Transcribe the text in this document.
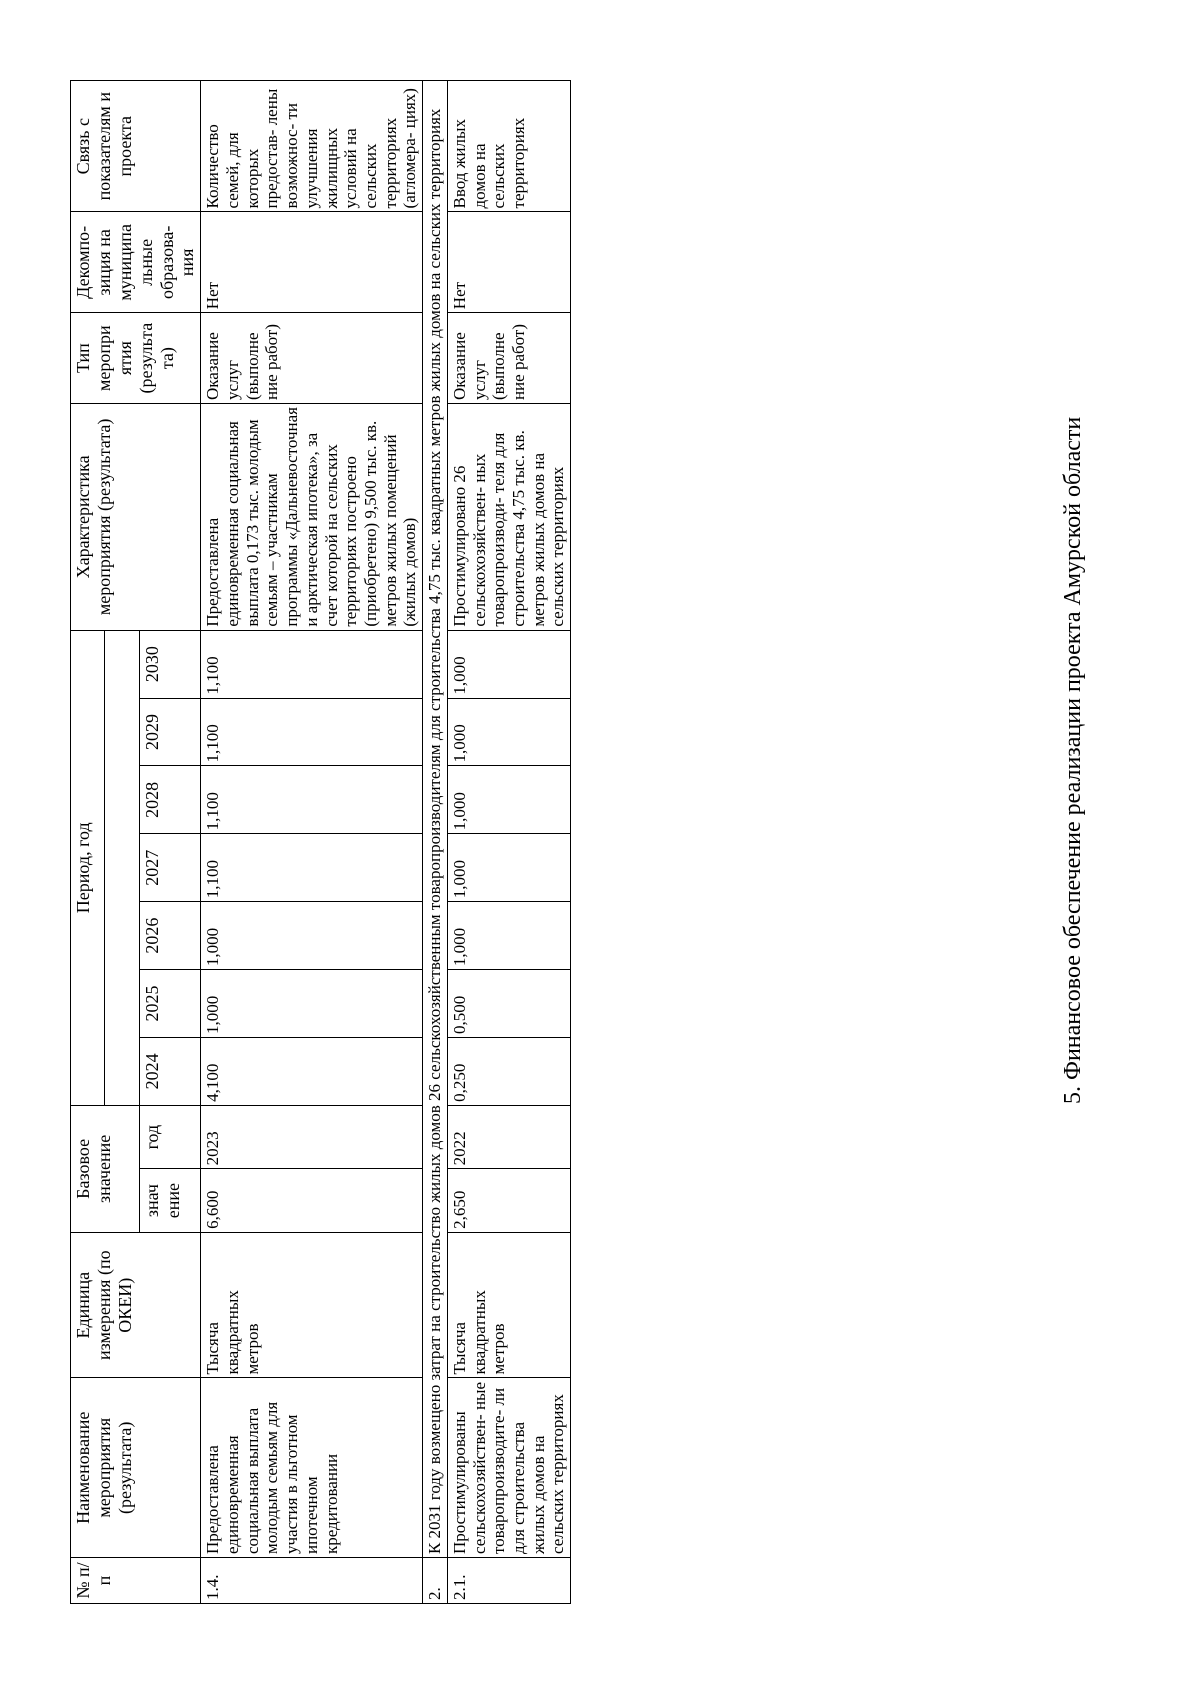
№ п/п	Наименование мероприятия (результата)	Единица измерения (по ОКЕИ)	Базовое значение		Период, год							Характеристика мероприятия (результата)	Тип меропри ятия (результа та)	Декомпо- зиция на муниципа льные образова- ния	Связь с показателям и проекта

			знач ение	год	2024	2025	2026	2027	2028	2029	2030				
1.4.	Предоставлена единовременная социальная выплата молодым семьям для участия в льготном ипотечном кредитовании	Тысяча квадратных метров	6,600	2023	4,100	1,000	1,000	1,100	1,100	1,100	1,100	Предоставлена единовременная социальная выплата 0,173 тыс. молодым семьям – участникам программы «Дальневосточная и арктическая ипотека», за счет которой на сельских территориях построено (приобретено) 9,500 тыс. кв. метров жилых помещений (жилых домов)	Оказание услуг (выполне ние работ)	Нет	Количество семей, для которых предостав- лены возможнос- ти улучшения жилищных условий на сельских территориях (агломера- циях)
2.	К 2031 году возмещено затрат на строительство жилых домов 26 сельскохозяйственным товаропроизводителям для строительства 4,75 тыс. квадратных метров жилых домов на сельских территориях														
2.1.	Простимулированы сельскохозяйствен- ные товаропроизводите- ли для строительства жилых домов на сельских территориях	Тысяча квадратных метров	2,650	2022	0,250	0,500	1,000	1,000	1,000	1,000	1,000	Простимулировано 26 сельскохозяйствен- ных товаропроизводи- теля для строительства 4,75 тыс. кв. метров жилых домов на сельских территориях	Оказание услуг (выполне ние работ)	Нет	Ввод жилых домов на сельских территориях
5. Финансовое обеспечение реализации проекта Амурской области
